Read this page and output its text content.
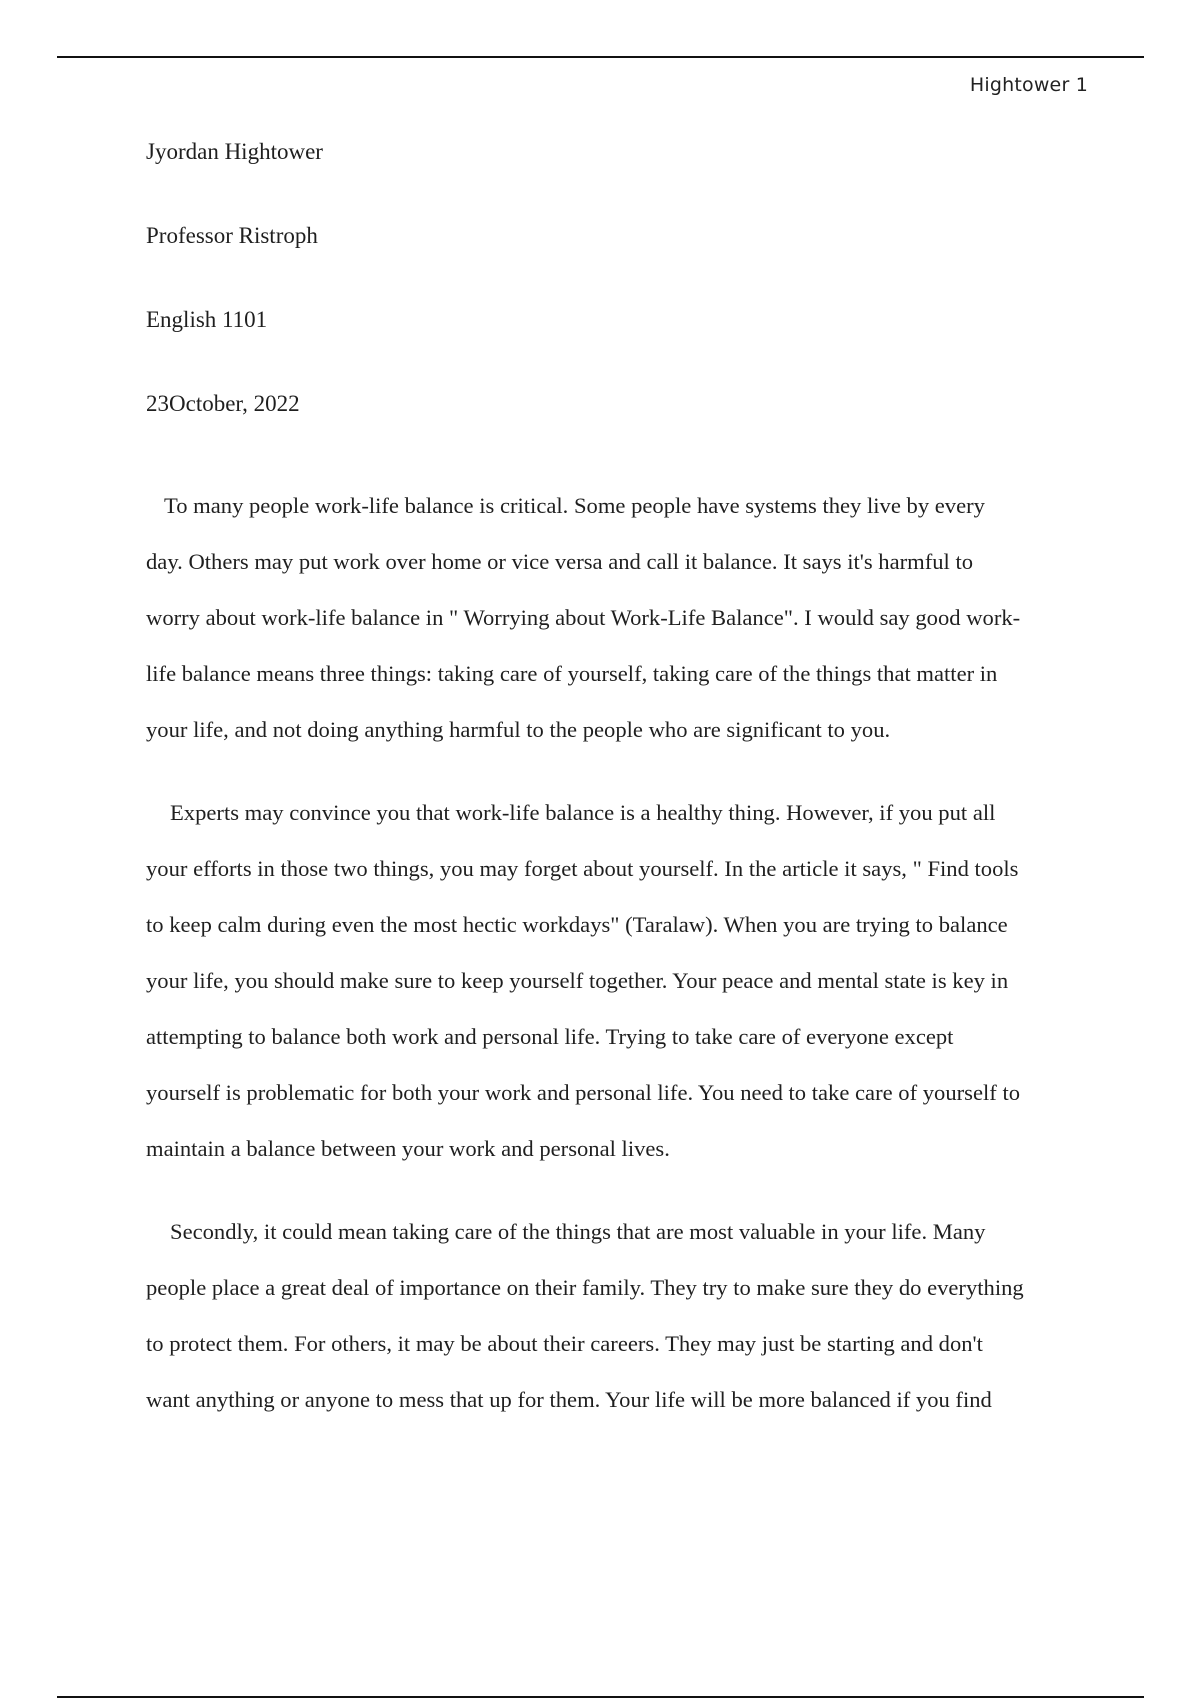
Hightower 1
Jyordan Hightower
Professor Ristroph
English 1101
23October, 2022
To many people work-life balance is critical. Some people have systems they live by every
day. Others may put work over home or vice versa and call it balance. It says it's harmful to
worry about work-life balance in " Worrying about Work-Life Balance". I would say good work-
life balance means three things: taking care of yourself, taking care of the things that matter in
your life, and not doing anything harmful to the people who are significant to you.
Experts may convince you that work-life balance is a healthy thing. However, if you put all
your efforts in those two things, you may forget about yourself. In the article it says, " Find tools
to keep calm during even the most hectic workdays" (Taralaw). When you are trying to balance
your life, you should make sure to keep yourself together. Your peace and mental state is key in
attempting to balance both work and personal life. Trying to take care of everyone except
yourself is problematic for both your work and personal life. You need to take care of yourself to
maintain a balance between your work and personal lives.
Secondly, it could mean taking care of the things that are most valuable in your life. Many
people place a great deal of importance on their family. They try to make sure they do everything
to protect them. For others, it may be about their careers. They may just be starting and don't
want anything or anyone to mess that up for them. Your life will be more balanced if you find
